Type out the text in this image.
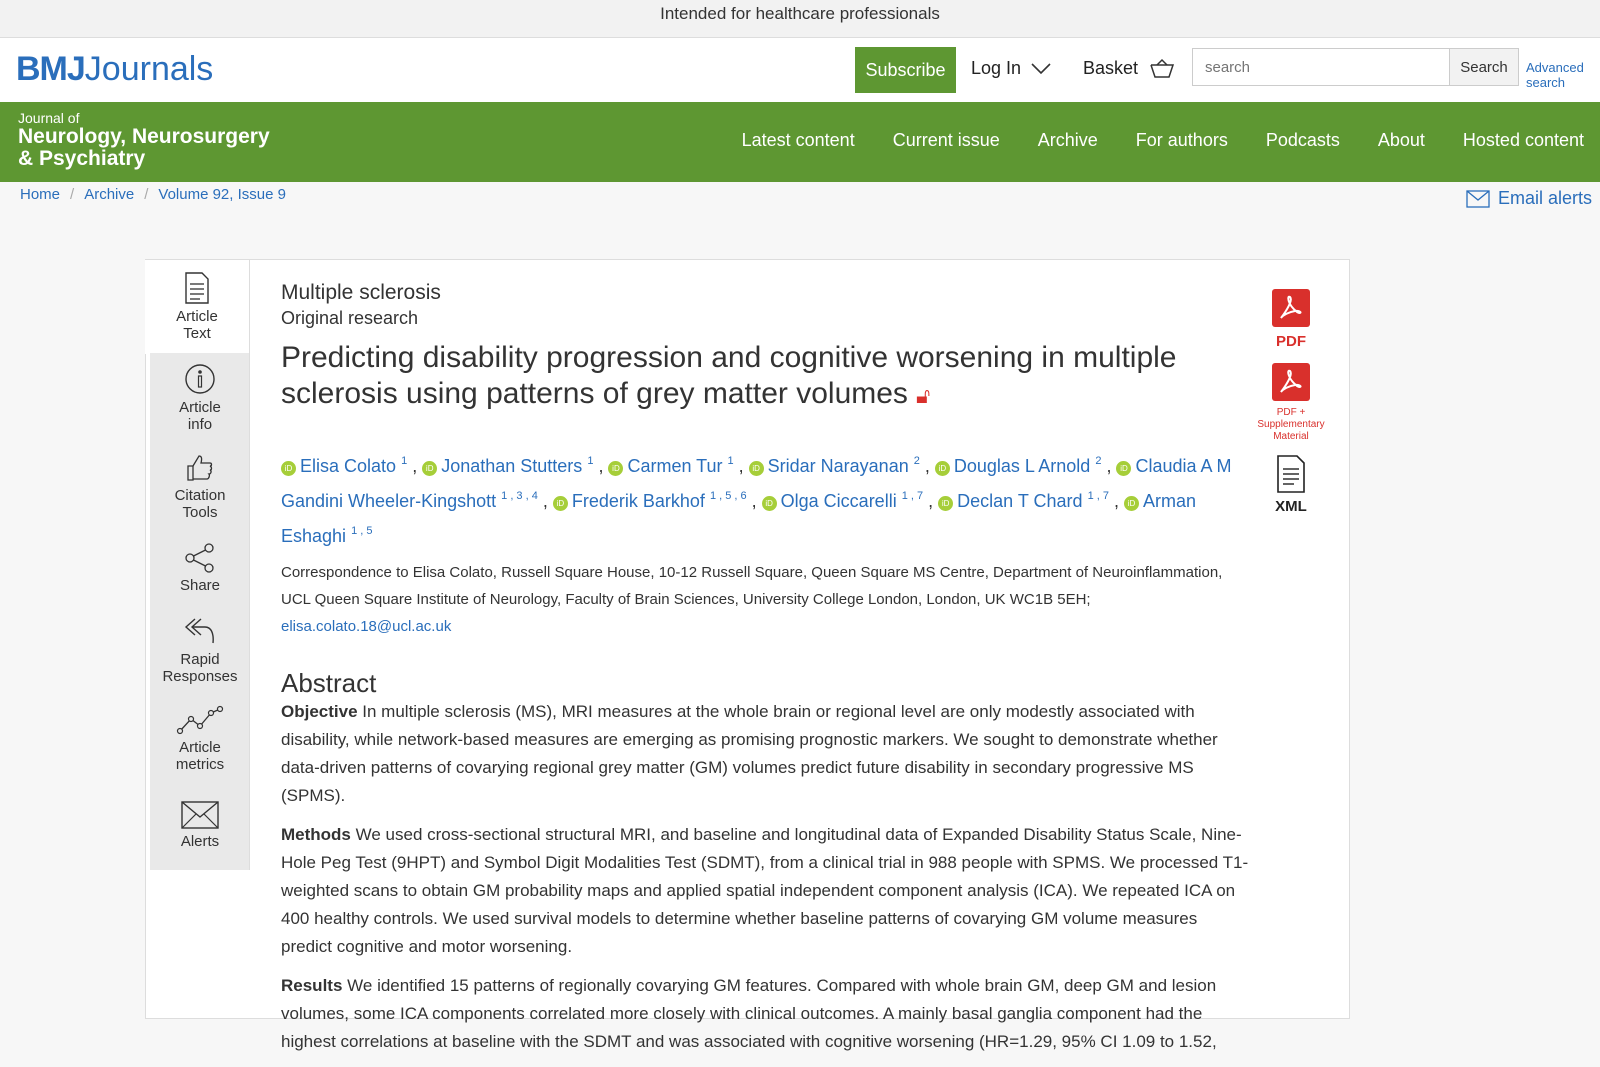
Intended for healthcare professionals
BMJJournals	Subscribe	Log In	Basket
search	Search	Advanced
search
Journal of
Neurology, Neurosurgery
& Psychiatry
Latest content Current issue Archive For authors Podcasts About Hosted content
Home / Archive / Volume 92, Issue 9	Email alerts
Article
Text
Article
info
Citation
Tools
Share
Rapid
Responses
Article
metrics
Alerts
Multiple sclerosis
Original research
Predicting disability progression and cognitive worsening in multiple sclerosis using patterns of grey matter volumes 🔓︎
iD Elisa Colato $^1$ , iD Jonathan Stutters $^1$ , iD Carmen Tur $^1$ , iD Sridar Narayanan $^2$ , iD Douglas L Arnold $^2$ , iD Claudia A M Gandini Wheeler-Kingshott $^{1 , 3 , 4}$ , iD Frederik Barkhof $^{1 , 5 , 6}$ , iD Olga Ciccarelli $^{1 , 7}$ , iD Declan T Chard $^{1 , 7}$ , iD Arman Eshaghi $^{1 , 5}$
Correspondence to Elisa Colato, Russell Square House, 10-12 Russell Square, Queen Square MS Centre, Department of Neuroinflammation, UCL Queen Square Institute of Neurology, Faculty of Brain Sciences, University College London, London, UK WC1B 5EH;
elisa.colato.18@ucl.ac.uk
Abstract

Objective In multiple sclerosis (MS), MRI measures at the whole brain or regional level are only modestly associated with disability, while network-based measures are emerging as promising prognostic markers. We sought to demonstrate whether data-driven patterns of covarying regional grey matter (GM) volumes predict future disability in secondary progressive MS (SPMS).

Methods We used cross-sectional structural MRI, and baseline and longitudinal data of Expanded Disability Status Scale, Nine-Hole Peg Test (9HPT) and Symbol Digit Modalities Test (SDMT), from a clinical trial in 988 people with SPMS. We processed T1-weighted scans to obtain GM probability maps and applied spatial independent component analysis (ICA). We repeated ICA on 400 healthy controls. We used survival models to determine whether baseline patterns of covarying GM volume measures predict cognitive and motor worsening.

Results We identified 15 patterns of regionally covarying GM features. Compared with whole brain GM, deep GM and lesion volumes, some ICA components correlated more closely with clinical outcomes. A mainly basal ganglia component had the highest correlations at baseline with the SDMT and was associated with cognitive worsening (HR=1.29, 95% CI 1.09 to 1.52,

PDF
PDF +
Supplementary
Material
XML
